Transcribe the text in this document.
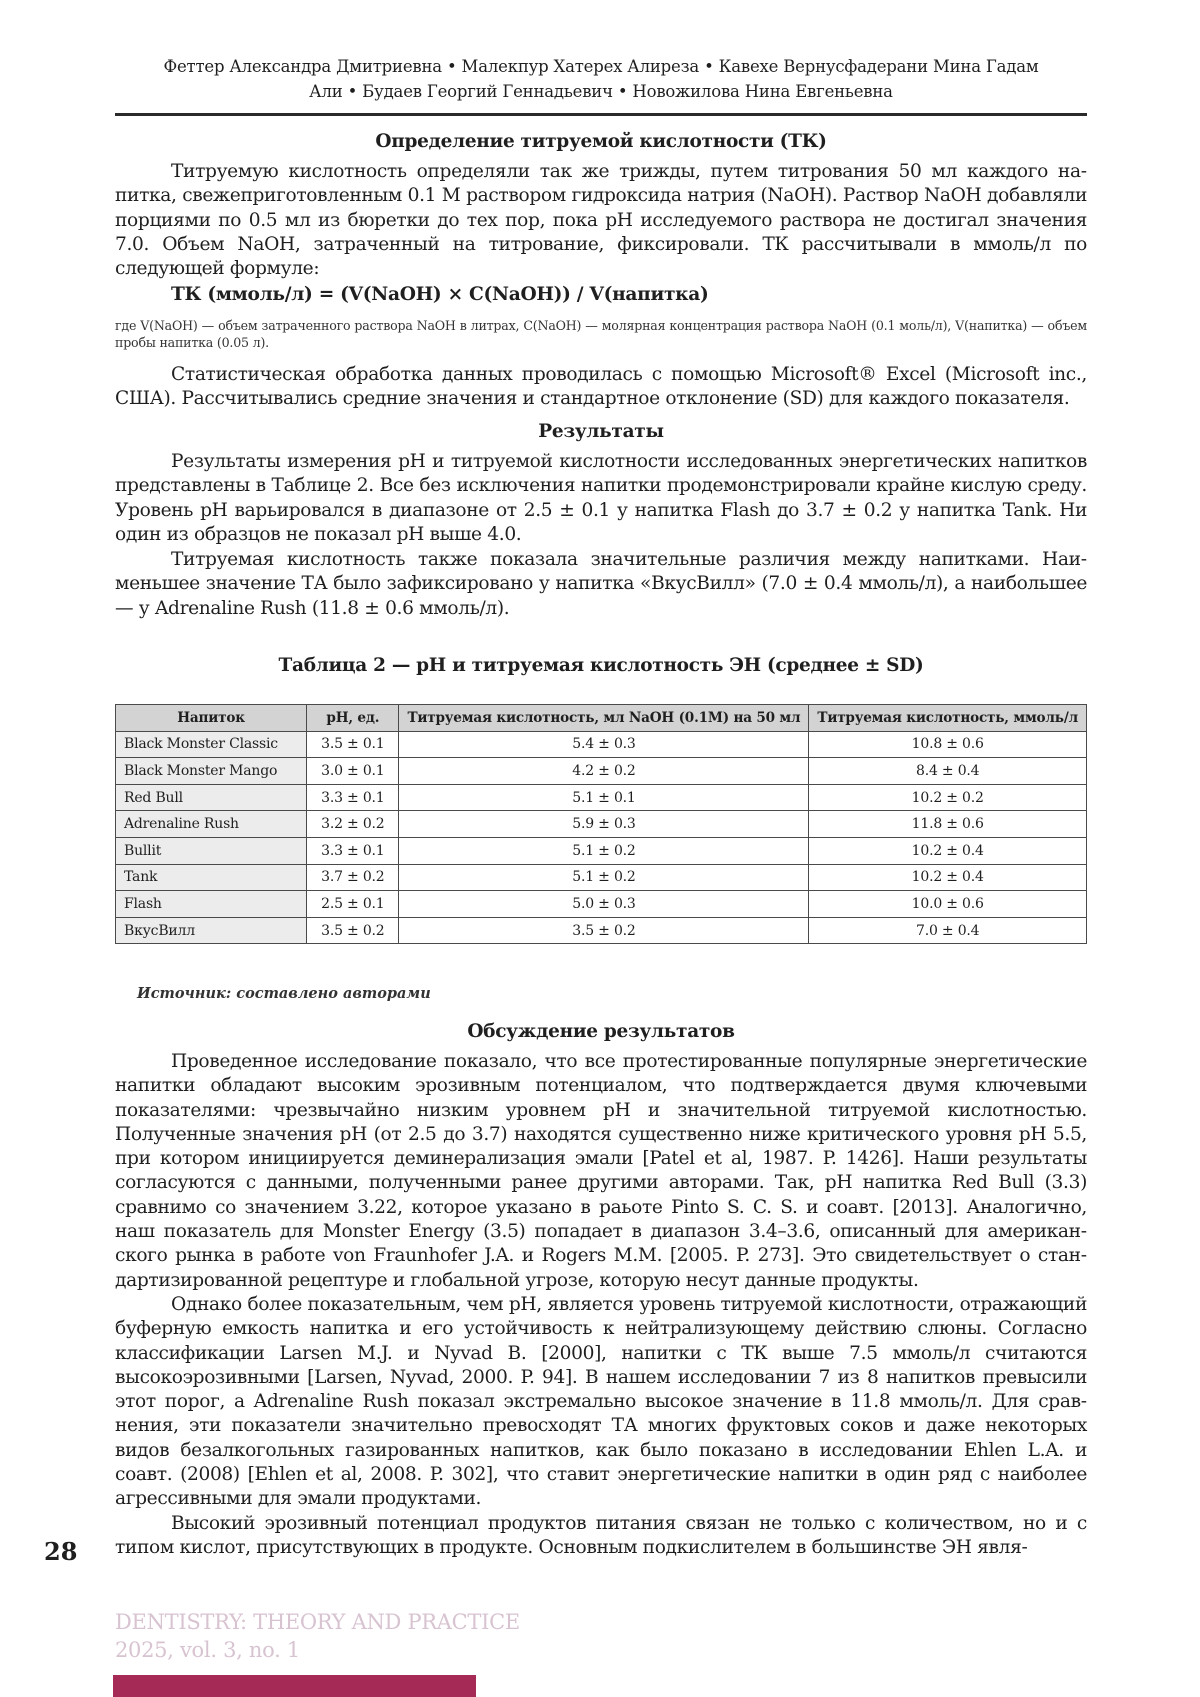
Феттер Александра Дмитриевна • Малекпур Хатерех Алиреза • Кавехе Вернусфадерани Мина Гадам
Али • Будаев Георгий Геннадьевич • Новожилова Нина Евгеньевна
Определение титруемой кислотности (ТК)
Титруемую кислотность определяли так же трижды, путем титрования 50 мл каждого напитка, свежеприготовленным 0.1 М раствором гидроксида натрия (NaOH). Раствор NaOH добавляли порциями по 0.5 мл из бюретки до тех пор, пока pH исследуемого раствора не достигал значения 7.0. Объем NaOH, затраченный на титрование, фиксировали. ТК рассчитывали в ммоль/л по следующей формуле:
ТК (ммоль/л) = (V(NaOH) × C(NaOH)) / V(напитка)
где V(NaOH) — объем затраченного раствора NaOH в литрах, C(NaOH) — молярная концентрация раствора NaOH (0.1 моль/л), V(напитка) — объем пробы напитка (0.05 л).
Статистическая обработка данных проводилась с помощью Microsoft® Excel (Microsoft inc., США). Рассчитывались средние значения и стандартное отклонение (SD) для каждого показателя.
Результаты
Результаты измерения pH и титруемой кислотности исследованных энергетических напитков представлены в Таблице 2. Все без исключения напитки продемонстрировали крайне кислую среду. Уровень pH варьировался в диапазоне от 2.5 ± 0.1 у напитка Flash до 3.7 ± 0.2 у напитка Tank. Ни один из образцов не показал pH выше 4.0.
Титруемая кислотность также показала значительные различия между напитками. Наименьшее значение ТА было зафиксировано у напитка «ВкусВилл» (7.0 ± 0.4 ммоль/л), а наибольшее — у Adrenaline Rush (11.8 ± 0.6 ммоль/л).
Таблица 2 — pH и титруемая кислотность ЭН (среднее ± SD)
Напиток	pH, ед.	Титруемая кислотность, мл NaOH (0.1M) на 50 мл	Титруемая кислотность, ммоль/л
Black Monster Classic	3.5 ± 0.1	5.4 ± 0.3	10.8 ± 0.6
Black Monster Mango	3.0 ± 0.1	4.2 ± 0.2	8.4 ± 0.4
Red Bull	3.3 ± 0.1	5.1 ± 0.1	10.2 ± 0.2
Adrenaline Rush	3.2 ± 0.2	5.9 ± 0.3	11.8 ± 0.6
Bullit	3.3 ± 0.1	5.1 ± 0.2	10.2 ± 0.4
Tank	3.7 ± 0.2	5.1 ± 0.2	10.2 ± 0.4
Flash	2.5 ± 0.1	5.0 ± 0.3	10.0 ± 0.6
ВкусВилл	3.5 ± 0.2	3.5 ± 0.2	7.0 ± 0.4
Источник: составлено авторами
Обсуждение результатов
Проведенное исследование показало, что все протестированные популярные энергетические напитки обладают высоким эрозивным потенциалом, что подтверждается двумя ключевыми показателями: чрезвычайно низким уровнем pH и значительной титруемой кислотностью. Полученные значения pH (от 2.5 до 3.7) находятся существенно ниже критического уровня pH 5.5, при котором инициируется деминерализация эмали [Patel et al, 1987. P. 1426]. Наши результаты согласуются с данными, полученными ранее другими авторами. Так, pH напитка Red Bull (3.3) сравнимо со значением 3.22, которое указано в раьоте Pinto S. C. S. и соавт. [2013]. Аналогично, наш показатель для Monster Energy (3.5) попадает в диапазон 3.4–3.6, описанный для американского рынка в работе von Fraunhofer J.A. и Rogers M.M. [2005. P. 273]. Это свидетельствует о стандартизированной рецептуре и глобальной угрозе, которую несут данные продукты.
Однако более показательным, чем pH, является уровень титруемой кислотности, отражающий буферную емкость напитка и его устойчивость к нейтрализующему действию слюны. Согласно классификации Larsen M.J. и Nyvad B. [2000], напитки с ТК выше 7.5 ммоль/л считаются высокоэрозивными [Larsen, Nyvad, 2000. P. 94]. В нашем исследовании 7 из 8 напитков превысили этот порог, а Adrenaline Rush показал экстремально высокое значение в 11.8 ммоль/л. Для сравнения, эти показатели значительно превосходят ТА многих фруктовых соков и даже некоторых видов безалкогольных газированных напитков, как было показано в исследовании Ehlen L.A. и соавт. (2008) [Ehlen et al, 2008. P. 302], что ставит энергетические напитки в один ряд с наиболее агрессивными для эмали продуктами.
Высокий эрозивный потенциал продуктов питания связан не только с количеством, но и с типом кислот, присутствующих в продукте. Основным подкислителем в большинстве ЭН явля-
28
DENTISTRY: THEORY AND PRACTICE
2025, vol. 3, no. 1
